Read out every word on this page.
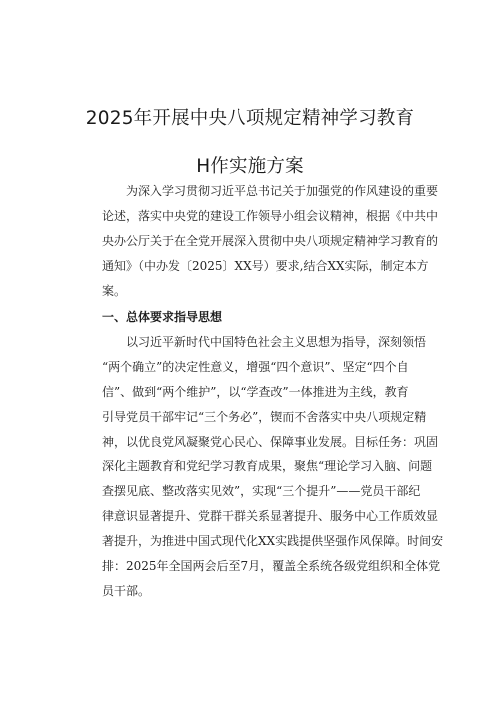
2025年开展中央八项规定精神学习教育
H作实施方案
为深入学习贯彻习近平总书记关于加强党的作风建设的重要
论述，落实中央党的建设工作领导小组会议精神，根据《中共中
央办公厅关于在全党开展深入贯彻中央八项规定精神学习教育的
通知》（中办发〔2025〕XX号）要求,结合XX实际，制定本方
案。
一、总体要求指导思想
以习近平新时代中国特色社会主义思想为指导，深刻领悟
“两个确立”的决定性意义，增强“四个意识”、坚定“四个自
信”、做到“两个维护”，以“学查改”一体推进为主线，教育
引导党员干部牢记“三个务必”，锲而不舍落实中央八项规定精
神，以优良党风凝聚党心民心、保障事业发展。目标任务：巩固
深化主题教育和党纪学习教育成果，聚焦“理论学习入脑、问题
查摆见底、整改落实见效”，实现“三个提升”——党员干部纪
律意识显著提升、党群干群关系显著提升、服务中心工作质效显
著提升，为推进中国式现代化XX实践提供坚强作风保障。时间安
排：2025年全国两会后至7月，覆盖全系统各级党组织和全体党
员干部。
